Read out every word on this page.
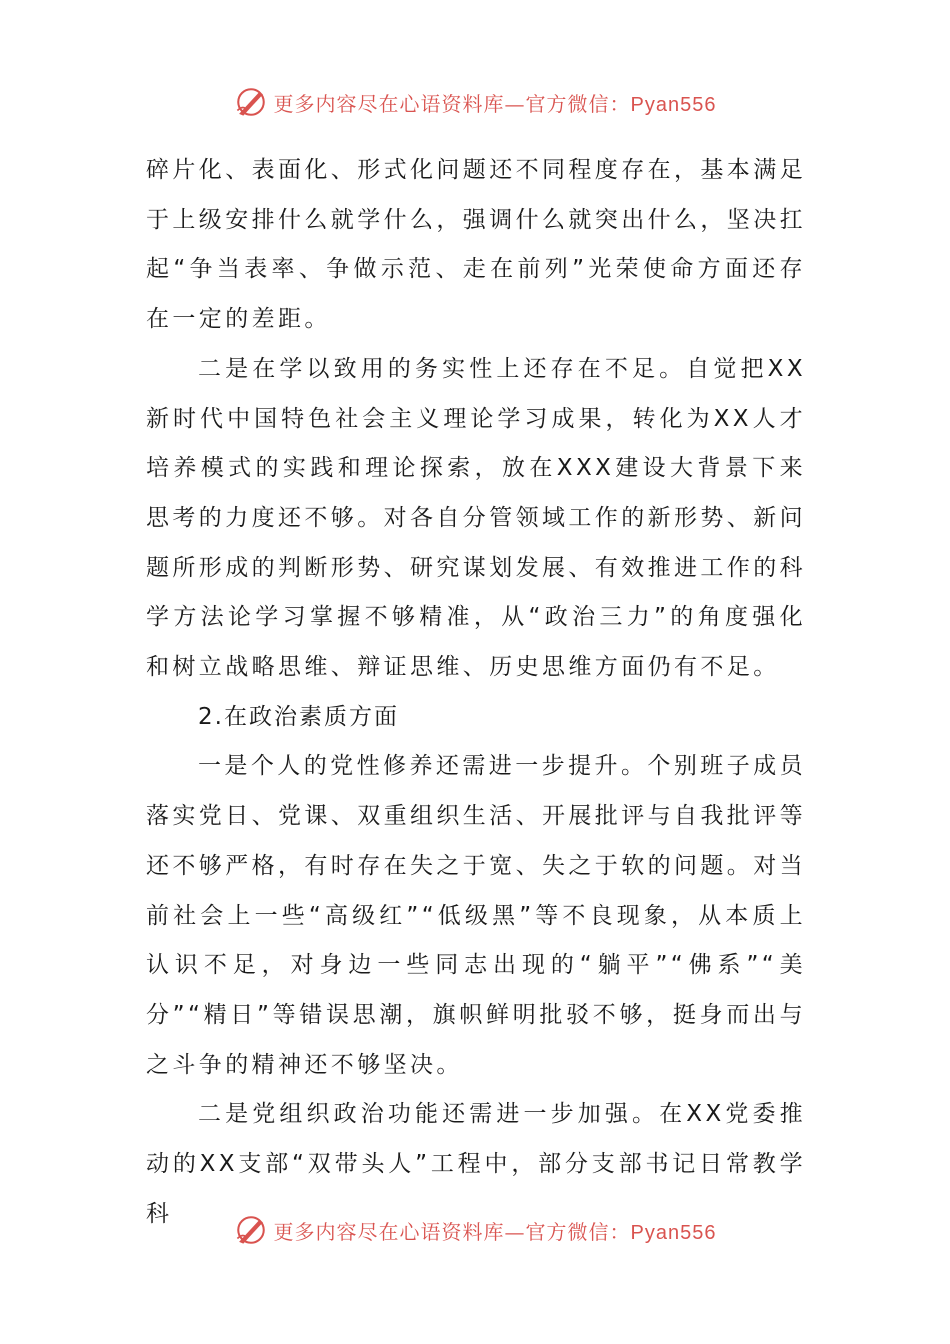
更多内容尽在心语资料库—官方微信：Pyan556

碎片化、表面化、形式化问题还不同程度存在，基本满足于上级安排什么就学什么，强调什么就突出什么，坚决扛起“争当表率、争做示范、走在前列”光荣使命方面还存在一定的差距。

二是在学以致用的务实性上还存在不足。自觉把XX新时代中国特色社会主义理论学习成果，转化为XX人才培养模式的实践和理论探索，放在XXX建设大背景下来思考的力度还不够。对各自分管领域工作的新形势、新问题所形成的判断形势、研究谋划发展、有效推进工作的科学方法论学习掌握不够精准，从“政治三力”的角度强化和树立战略思维、辩证思维、历史思维方面仍有不足。

2.在政治素质方面

一是个人的党性修养还需进一步提升。个别班子成员落实党日、党课、双重组织生活、开展批评与自我批评等还不够严格，有时存在失之于宽、失之于软的问题。对当前社会上一些“高级红”“低级黑”等不良现象，从本质上认识不足，对身边一些同志出现的“躺平”“佛系”“美分”“精日”等错误思潮，旗帜鲜明批驳不够，挺身而出与之斗争的精神还不够坚决。

二是党组织政治功能还需进一步加强。在XX党委推动的XX支部“双带头人”工程中，部分支部书记日常教学科

更多内容尽在心语资料库—官方微信：Pyan556
